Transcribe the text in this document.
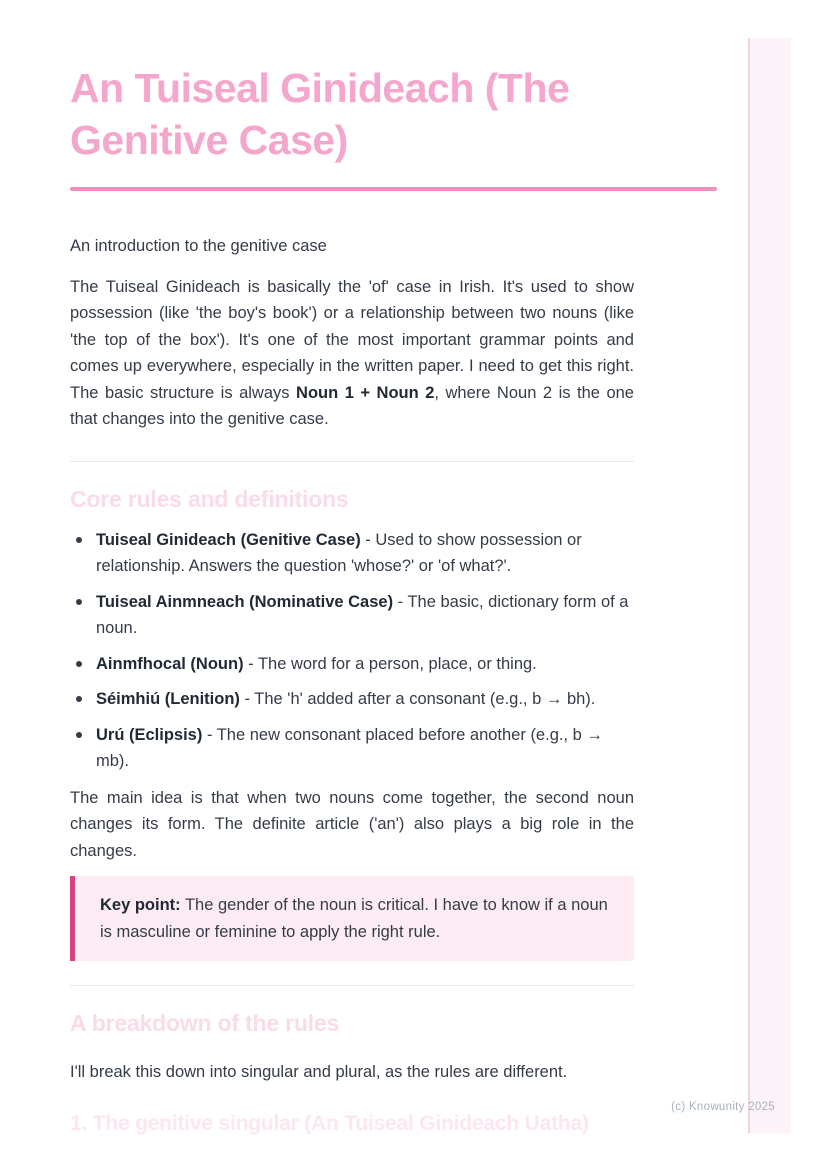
An Tuiseal Ginideach (The Genitive Case)
An introduction to the genitive case

The Tuiseal Ginideach is basically the 'of' case in Irish. It's used to show possession (like 'the boy's book') or a relationship between two nouns (like 'the top of the box'). It's one of the most important grammar points and comes up everywhere, especially in the written paper. I need to get this right. The basic structure is always Noun 1 + Noun 2, where Noun 2 is the one that changes into the genitive case.

Core rules and definitions
Tuiseal Ginideach (Genitive Case) - Used to show possession or relationship. Answers the question 'whose?' or 'of what?'.
Tuiseal Ainmneach (Nominative Case) - The basic, dictionary form of a noun.
Ainmfhocal (Noun) - The word for a person, place, or thing.
Séimhiú (Lenition) - The 'h' added after a consonant (e.g., b → bh).
Urú (Eclipsis) - The new consonant placed before another (e.g., b → mb).

The main idea is that when two nouns come together, the second noun changes its form. The definite article ('an') also plays a big role in the changes.

Key point: The gender of the noun is critical. I have to know if a noun is masculine or feminine to apply the right rule.
A breakdown of the rules

I'll break this down into singular and plural, as the rules are different.

1. The genitive singular (An Tuiseal Ginideach Uatha)
(c) Knowunity 2025
